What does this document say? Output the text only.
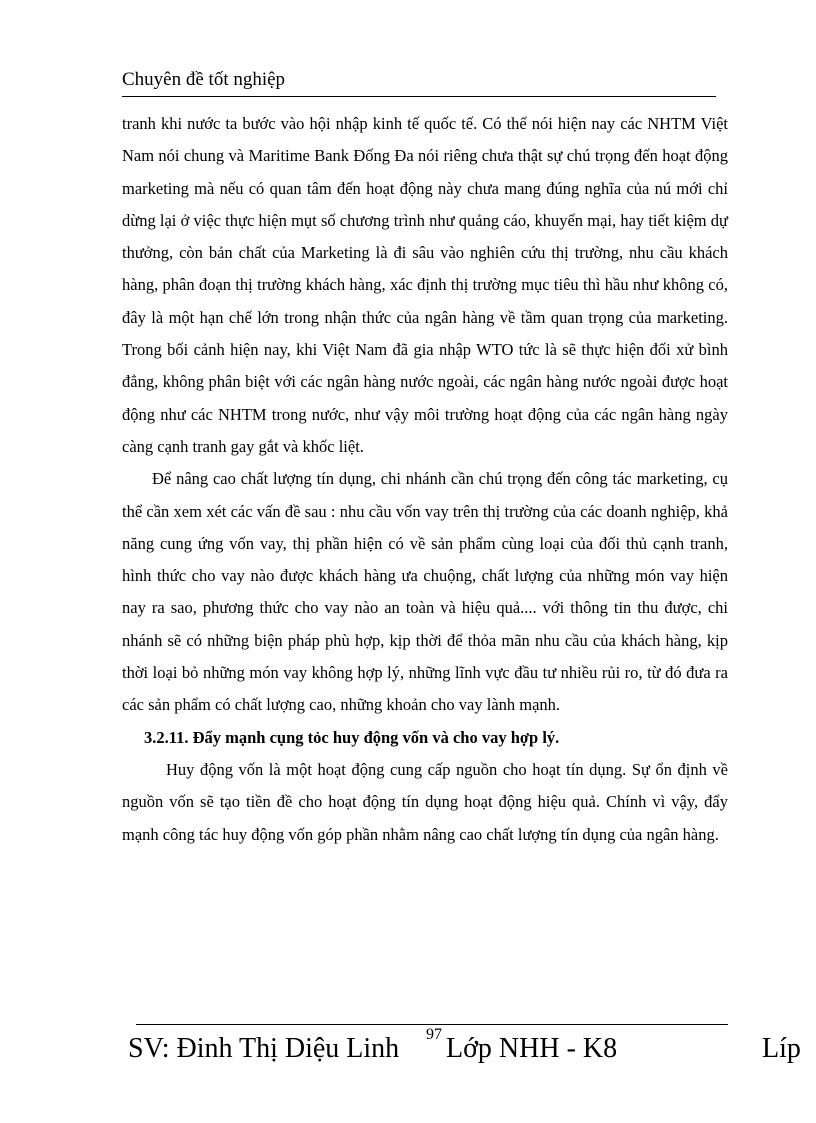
Chuyên đề tốt nghiệp

tranh khi nước ta bước vào hội nhập kinh tế quốc tế. Có thể nói hiện nay các NHTM Việt Nam nói chung và Maritime Bank Đống Đa nói riêng chưa thật sự chú trọng đến hoạt động marketing mà nếu có quan tâm đến hoạt động này chưa mang đúng nghĩa của nú mới chỉ dừng lại ở việc thực hiện mụt số chương trình như quảng cáo, khuyến mại, hay tiết kiệm dự thưởng, còn bản chất của Marketing là đi sâu vào nghiên cứu thị trường, nhu cầu khách hàng, phân đoạn thị trường khách hàng, xác định thị trường mục tiêu thì hầu như không có, đây là một hạn chế lớn trong nhận thức của ngân hàng về tầm quan trọng của marketing. Trong bối cảnh hiện nay, khi Việt Nam đã gia nhập WTO tức là sẽ thực hiện đối xử bình đẳng, không phân biệt với các ngân hàng nước ngoài, các ngân hàng nước ngoài được hoạt động như các NHTM trong nước, như vậy môi trường hoạt động của các ngân hàng ngày càng cạnh tranh gay gắt và khốc liệt.

Để nâng cao chất lượng tín dụng, chi nhánh cần chú trọng đến công tác marketing, cụ thể cần xem xét các vấn đề sau : nhu cầu vốn vay trên thị trường của các doanh nghiệp, khả năng cung ứng vốn vay, thị phần hiện có về sản phẩm cùng loại của đối thủ cạnh tranh, hình thức cho vay nào được khách hàng ưa chuộng, chất lượng của những món vay hiện nay ra sao, phương thức cho vay nào an toàn và hiệu quả.... với thông tin thu được, chi nhánh sẽ có những biện pháp phù hợp, kịp thời để thỏa mãn nhu cầu của khách hàng, kịp thời loại bỏ những món vay không hợp lý, những lĩnh vực đầu tư nhiều rủi ro, từ đó đưa ra các sản phẩm có chất lượng cao, những khoản cho vay lành mạnh.

3.2.11. Đẩy mạnh cụng tỏc huy động vốn và cho vay hợp lý.

Huy động vốn là một hoạt động cung cấp nguồn cho hoạt tín dụng. Sự ổn định về nguồn vốn sẽ tạo tiền đề cho hoạt động tín dụng hoạt động hiệu quả. Chính vì vậy, đẩy mạnh công tác huy động vốn góp phần nhằm nâng cao chất lượng tín dụng của ngân hàng.

SV: Đinh Thị Diệu Linh 97 Lớp NHH - K8	Líp
